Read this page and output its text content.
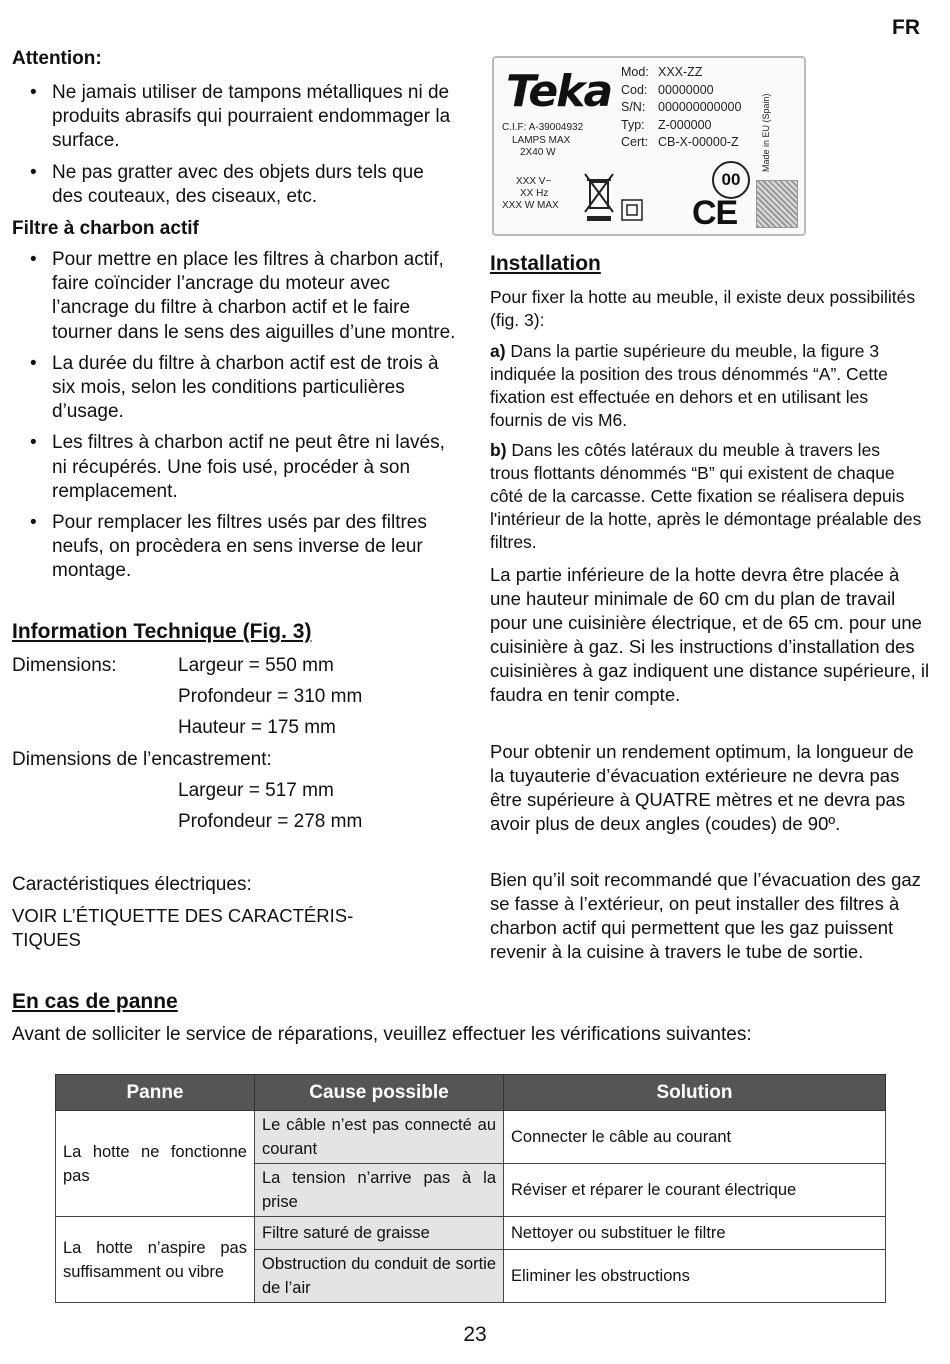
FR
Attention:
• Ne jamais utiliser de tampons métalliques ni de produits abrasifs qui pourraient endommager la surface.
• Ne pas gratter avec des objets durs tels que des couteaux, des ciseaux, etc.
Filtre à charbon actif
• Pour mettre en place les filtres à charbon actif, faire coïncider l’ancrage du moteur avec l’ancrage du filtre à charbon actif et le faire tourner dans le sens des aiguilles d’une montre.
• La durée du filtre à charbon actif est de trois à six mois, selon les conditions particulières d’usage.
• Les filtres à charbon actif ne peut être ni lavés, ni récupérés. Une fois usé, procéder à son remplacement.
• Pour remplacer les filtres usés par des filtres neufs, on procèdera en sens inverse de leur montage.
Information Technique (Fig. 3)
Dimensions:	Largeur = 550 mm
Profondeur = 310 mm
Hauteur = 175 mm
Dimensions de l’encastrement:
Largeur = 517 mm
Profondeur = 278 mm
Caractéristiques électriques:
VOIR L’ÉTIQUETTE DES CARACTÉRIS-
TIQUES
Teka
C.I.F: A-39004932
LAMPS MAX
2X40 W
XXX V~
XX Hz
XXX W MAX
Mod: XXX-ZZ
Cod: 00000000
S/N: 000000000000
Typ: Z-000000
Cert: CB-X-00000-Z	Made in EU (Spain)
00
CE
Installation
Pour fixer la hotte au meuble, il existe deux possibilités (fig. 3):
a) Dans la partie supérieure du meuble, la figure 3 indiquée la position des trous dénommés “A”. Cette fixation est effectuée en dehors et en utilisant les fournis de vis M6.
b) Dans les côtés latéraux du meuble à travers les trous flottants dénommés “B” qui existent de chaque côté de la carcasse. Cette fixation se réalisera depuis l'intérieur de la hotte, après le démontage préalable des filtres.
La partie inférieure de la hotte devra être placée à une hauteur minimale de 60 cm du plan de travail pour une cuisinière électrique, et de 65 cm. pour une cuisinière à gaz. Si les instructions d’installation des cuisinières à gaz indiquent une distance supérieure, il faudra en tenir compte.
Pour obtenir un rendement optimum, la longueur de la tuyauterie d’évacuation extérieure ne devra pas être supérieure à QUATRE mètres et ne devra pas avoir plus de deux angles (coudes) de 90º.
Bien qu’il soit recommandé que l’évacuation des gaz se fasse à l’extérieur, on peut installer des filtres à charbon actif qui permettent que les gaz puissent revenir à la cuisine à travers le tube de sortie.
En cas de panne
Avant de solliciter le service de réparations, veuillez effectuer les vérifications suivantes:
Panne	Cause possible	Solution
La hotte ne fonctionne pas	Le câble n’est pas connecté au courant	Connecter le câble au courant
	La tension n’arrive pas à la prise	Réviser et réparer le courant électrique
La hotte n’aspire pas suffisamment ou vibre	Filtre saturé de graisse	Nettoyer ou substituer le filtre
	Obstruction du conduit de sortie de l’air	Eliminer les obstructions
23
